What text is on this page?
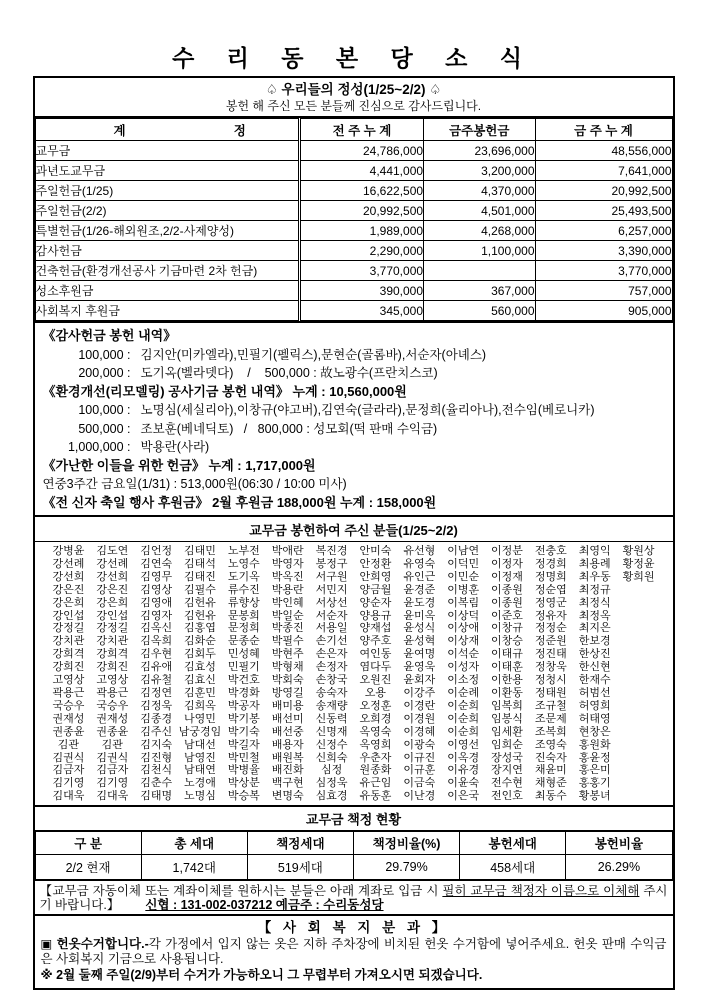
수 리 동 본 당 소 식
♤ 우리들의 정성(1/25~2/2) ♤
봉헌 해 주신 모든 분들께 진심으로 감사드립니다.
계 정	전 주 누 계	금주봉헌금	금 주 누 계
교무금	24,786,000	23,696,000	48,556,000
과년도교무금	4,441,000	3,200,000	7,641,000
주일헌금(1/25)	16,622,500	4,370,000	20,992,500
주일헌금(2/2)	20,992,500	4,501,000	25,493,500
특별헌금(1/26-해외원조,2/2-사제양성)	1,989,000	4,268,000	6,257,000
감사헌금	2,290,000	1,100,000	3,390,000
건축헌금(환경개선공사 기금마련 2차 헌금)	3,770,000		3,770,000
성소후원금	390,000	367,000	757,000
사회복지 후원금	345,000	560,000	905,000
《감사헌금 봉헌 내역》
100,000 : 김지안(미카엘라),민필기(펠릭스),문현순(골롬바),서순자(아녜스)
200,000 : 도기옥(벨라뎃다)    /    500,000 : 故노광수(프란치스코)
《환경개선(리모델링) 공사기금 봉헌 내역》 누계 : 10,560,000원
100,000 : 노명심(세실리아),이창규(야고버),김연숙(글라라),문정희(율리아나),전수임(베로니카)
500,000 : 조보훈(베네딕토)   /   800,000 : 성모회(떡 판매 수익금)
1,000,000 : 박용란(사라)
《가난한 이들을 위한 헌금》 누계 : 1,717,000원
연중3주간 금요일(1/31) : 513,000원(06:30 / 10:00 미사)
《전 신자 축일 행사 후원금》 2월 후원금 188,000원 누계 : 158,000원
교무금 봉헌하여 주신 분들(1/25~2/2)
강병윤	김도연	김언정	김태민	노부전	박애란	복진경	안미숙	유선형	이남연	이정분	전충호	최영익	황원상
강선례	강선례	김연숙	김태석	노영수	박영자	봉정구	안정환	유영숙	이덕민	이정자	정경희	최용례	황정윤
강선희	강선희	김영무	김태진	도기옥	박옥진	서구원	안희영	유인근	이민순	이정재	정명희	최우동	황희원
강은진	강은진	김영상	김필수	류수진	박용란	서민지	양금월	윤경준	이병훈	이종원	정순엽	최정규
강은희	강은희	김영애	김헌유	류향상	박인혜	서상선	양순자	윤도경	이복림	이종원	정영군	최정식
강인섭	강인섭	김영자	김헌유	문봉희	박일순	서순자	양용규	윤미옥	이상덕	이준호	정유자	최정옥
강정길	강정길	김옥신	김홍엽	문정희	박종진	서용일	양재섭	윤성식	이상애	이창규	정정순	최지은
강치관	강치관	김옥희	김화순	문종순	박필수	손기선	양주호	윤성혁	이상재	이창승	정준원	한보경
강희격	강희격	김우현	김회두	민성혜	박현주	손은자	여인동	윤여명	이석순	이태규	정진태	한상진
강희진	강희진	김유애	김효성	민필기	박형채	손정자	염다두	윤영욱	이성자	이태훈	정창욱	한신현
고영상	고영상	김유철	김효신	박건호	박회숙	손창국	오원진	윤회자	이소정	이한용	정청시	한재수
곽용근	곽용근	김정연	김훈민	박경화	방영길	송숙자	오용	이강주	이순례	이환동	정태원	허범선
국승우	국승우	김정욱	김희옥	박공자	배미용	송재량	오정훈	이경란	이순희	임복희	조규철	허영희
권재성	권재성	김종경	나영민	박기봉	배선미	신동력	오희경	이경원	이순희	임봉식	조문제	허태영
권종윤	권종윤	김주신 남궁경임 박기숙	배선중	신명재	옥영숙	이경혜	이순희	임세환	조복희	현창은
김관	김관	김지숙	남대선	박길자	배용자	신정수	옥영희	이광숙	이영선	임희순	조영숙	홍원화
김권식	김권식	김진형	남영진	박민철	배원복	신희숙	우춘자	이규진	이옥경	장성국	진숙자	홍윤정
김금자	김금자	김천식	남태연	박병율	배진화	심정	원종화	이규훈	이유경	장지연	채윤미	홍은미
김기영	김기영	김춘수	노경애	박상분	백구현	심정욱	유근임	이금숙	이윤숙	전수현	채형준	홍홍기
김대욱	김대욱	김태명	노명심	박승복	변명숙	심효경	유동훈	이난경	이은국	전인호	최동수	황봉녀
교무금 책정 현황
구 분	총 세대	책정세대	책정비율(%)	봉헌세대	봉헌비율
2/2 현재	1,742대	519세대	29.79%	458세대	26.29%
【교무금 자동이체 또는 계좌이체를 원하시는 분들은 아래 계좌로 입금 시 필히 교무금 책정자 이름으로 이체해 주시기 바랍니다.】 신협 : 131-002-037212 예금주 : 수리동성당
【 사 회 복 지 분 과 】
▣ 헌옷수거합니다.-각 가정에서 입지 않는 옷은 지하 주차장에 비치된 헌옷 수거함에 넣어주세요. 헌옷 판매 수익금은 사회복지 기금으로 사용됩니다.
※ 2월 둘째 주일(2/9)부터 수거가 가능하오니 그 무렵부터 가져오시면 되겠습니다.
